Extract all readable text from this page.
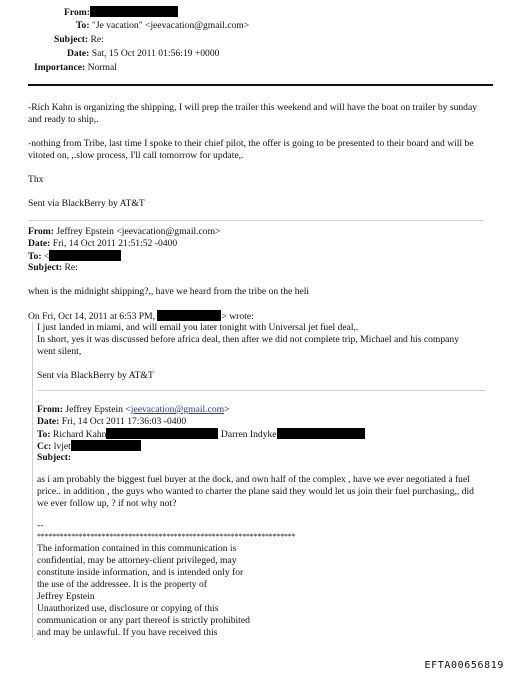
From:
To: "Je vacation" <jeevacation@gmail.com>
Subject: Re:
Date: Sat, 15 Oct 2011 01:56:19 +0000
Importance: Normal
-Rich Kahn is organizing the shipping, I will prep the trailer this weekend and will have the boat on trailer by sunday and ready to ship,.
-nothing from Tribe, last time I spoke to their chief pilot, the offer is going to be presented to their board and will be vitoted on, ,.slow process, I'll call tomorrow for update,.
Thx
Sent via BlackBerry by AT&T
From: Jeffrey Epstein <jeevacation@gmail.com>
Date: Fri, 14 Oct 2011 21:51:52 -0400
To: <
Subject: Re:
when is the midnight shipping?,, have we heard from the tribe on the heli
On Fri, Oct 14, 2011 at 6:53 PM,	> wrote:
I just landed in miami, and will email you later tonight with Universal jet fuel deal,.
In short, yes it was discussed before africa deal, then after we did not complete trip, Michael and his company went silent,
Sent via BlackBerry by AT&T
From: Jeffrey Epstein <jeevacation@gmail.com>
Date: Fri, 14 Oct 2011 17:36:03 -0400
To: Richard Kahn	Darren Indyke
Cc: lvjet
Subject:
as i am probably the biggest fuel buyer at the dock, and own half of the complex , have we ever negotiated a fuel price.. in addition , the guys who wanted to charter the plane said they would let us join their fuel purchasing,, did we ever follow up, ? if not why not?
--
********************************************************************
The information contained in this communication is
confidential, may be attorney-client privileged, may
constitute inside information, and is intended only for
the use of the addressee. It is the property of
Jeffrey Epstein
Unauthorized use, disclosure or copying of this
communication or any part thereof is strictly prohibited
and may be unlawful. If you have received this
EFTA00656819
